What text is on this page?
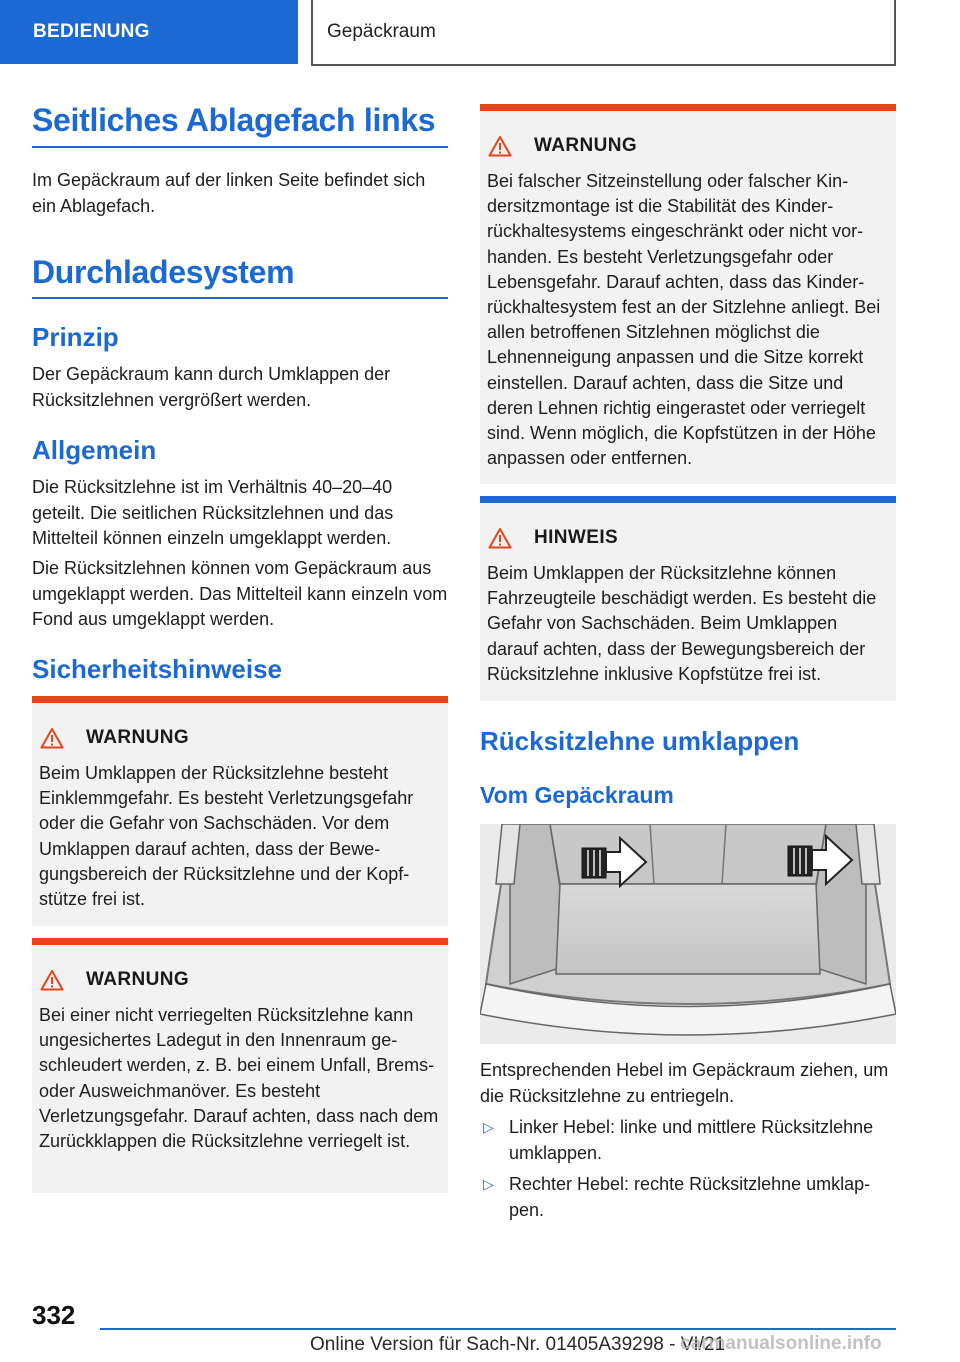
BEDIENUNG	Gepäckraum
Seitliches Ablagefach links
Im Gepäckraum auf der linken Seite befindet sich ein Ablagefach.
Durchladesystem
Prinzip
Der Gepäckraum kann durch Umklappen der Rücksitzlehnen vergrößert werden.
Allgemein
Die Rücksitzlehne ist im Verhältnis 40–20–40 geteilt. Die seitlichen Rücksitzlehnen und das Mittelteil können einzeln umgeklappt werden.
Die Rücksitzlehnen können vom Gepäckraum aus umgeklappt werden. Das Mittelteil kann einzeln vom Fond aus umgeklappt werden.
Sicherheitshinweise
WARNUNG
Beim Umklappen der Rücksitzlehne besteht Einklemmgefahr. Es besteht Verletzungsgefahr oder die Gefahr von Sachschäden. Vor dem Umklappen darauf achten, dass der Bewegungsbereich der Rücksitzlehne und der Kopfstütze frei ist.
WARNUNG
Bei einer nicht verriegelten Rücksitzlehne kann ungesichertes Ladegut in den Innenraum geschleudert werden, z. B. bei einem Unfall, Brems- oder Ausweichmanöver. Es besteht Verletzungsgefahr. Darauf achten, dass nach dem Zurückklappen die Rücksitzlehne verriegelt ist.
WARNUNG
Bei falscher Sitzeinstellung oder falscher Kindersitzmontage ist die Stabilität des Kinderrückhaltesystems eingeschränkt oder nicht vorhanden. Es besteht Verletzungsgefahr oder Lebensgefahr. Darauf achten, dass das Kinderrückhaltesystem fest an der Sitzlehne anliegt. Bei allen betroffenen Sitzlehnen möglichst die Lehnenneigung anpassen und die Sitze korrekt einstellen. Darauf achten, dass die Sitze und deren Lehnen richtig eingerastet oder verriegelt sind. Wenn möglich, die Kopfstützen in der Höhe anpassen oder entfernen.
HINWEIS
Beim Umklappen der Rücksitzlehne können Fahrzeugteile beschädigt werden. Es besteht die Gefahr von Sachschäden. Beim Umklappen darauf achten, dass der Bewegungsbereich der Rücksitzlehne inklusive Kopfstütze frei ist.
Rücksitzlehne umklappen
Vom Gepäckraum
Entsprechenden Hebel im Gepäckraum ziehen, um die Rücksitzlehne zu entriegeln.
▷ Linker Hebel: linke und mittlere Rücksitzlehne umklappen.
▷ Rechter Hebel: rechte Rücksitzlehne umklappen.
332
Online Version für Sach-Nr. 01405A39298 - VI/21
carmanualsonline.info
